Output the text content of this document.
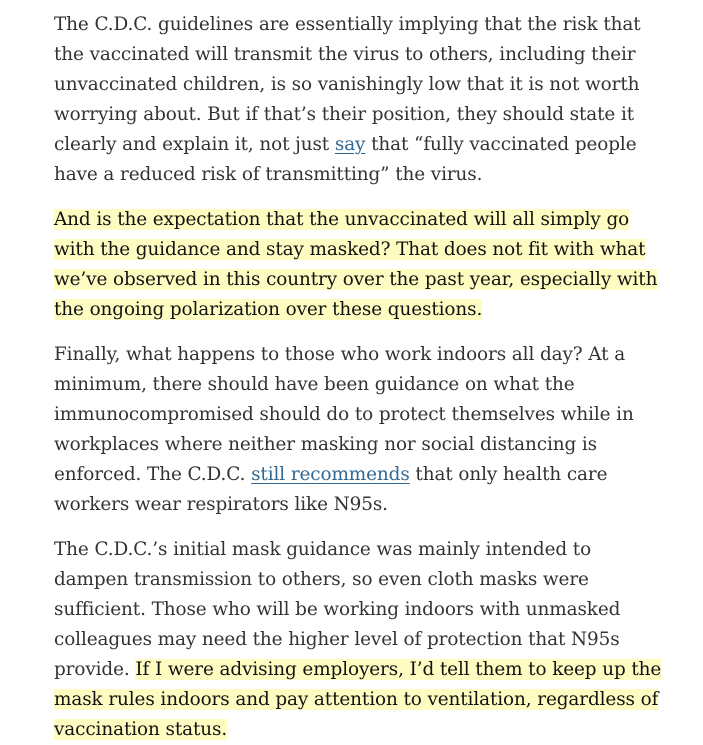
The C.D.C. guidelines are essentially implying that the risk that the vaccinated will transmit the virus to others, including their unvaccinated children, is so vanishingly low that it is not worth worrying about. But if that’s their position, they should state it clearly and explain it, not just say that “fully vaccinated people have a reduced risk of transmitting” the virus.

And is the expectation that the unvaccinated will all simply go with the guidance and stay masked? That does not fit with what we’ve observed in this country over the past year, especially with the ongoing polarization over these questions.

Finally, what happens to those who work indoors all day? At a minimum, there should have been guidance on what the immunocompromised should do to protect themselves while in workplaces where neither masking nor social distancing is enforced. The C.D.C. still recommends that only health care workers wear respirators like N95s.

The C.D.C.’s initial mask guidance was mainly intended to dampen transmission to others, so even cloth masks were sufficient. Those who will be working indoors with unmasked colleagues may need the higher level of protection that N95s provide. If I were advising employers, I’d tell them to keep up the mask rules indoors and pay attention to ventilation, regardless of vaccination status.
